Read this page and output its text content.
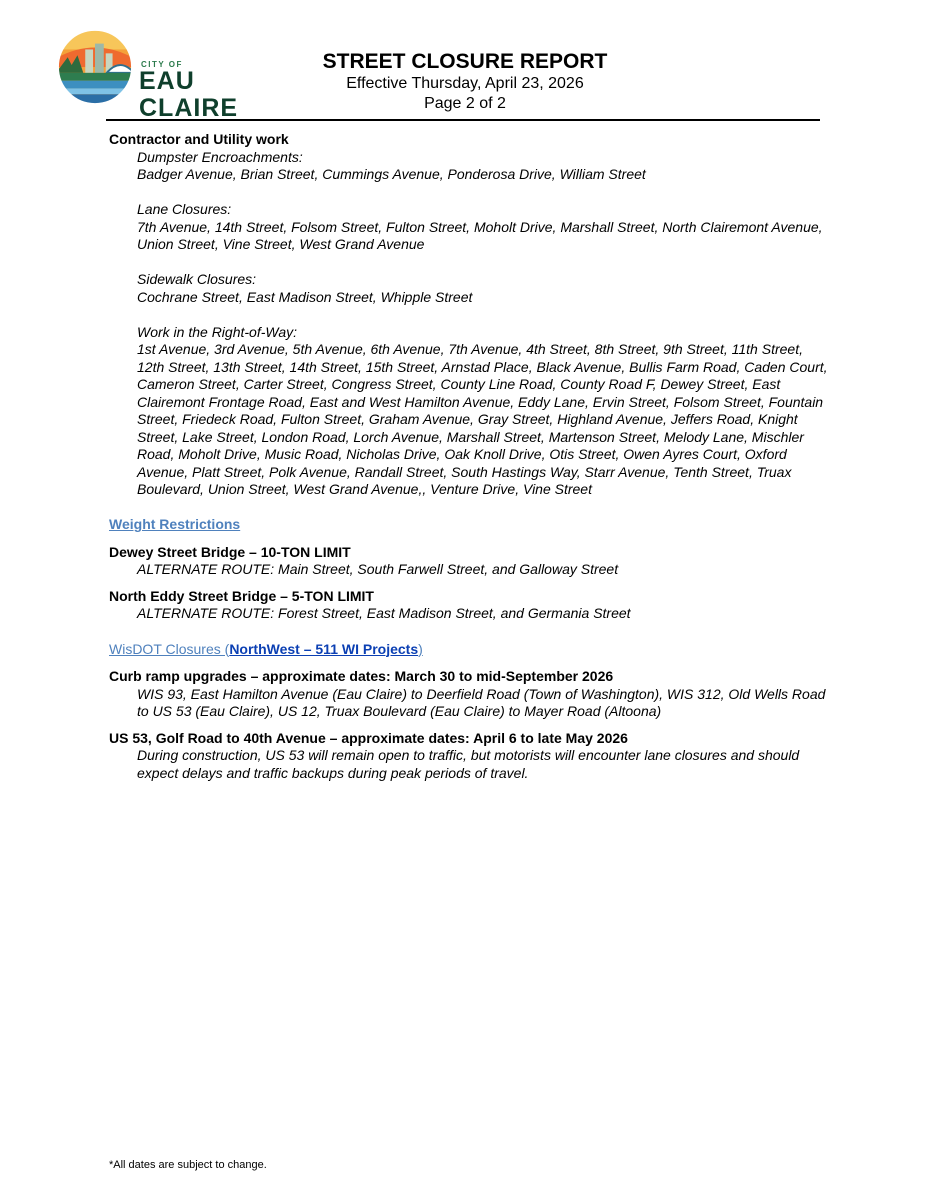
CITY OF
EAU
CLAIRE
STREET CLOSURE REPORT
Effective Thursday, April 23, 2026
Page 2 of 2
Contractor and Utility work
Dumpster Encroachments:
Badger Avenue, Brian Street, Cummings Avenue, Ponderosa Drive, William Street
Lane Closures:
7th Avenue, 14th Street, Folsom Street, Fulton Street, Moholt Drive, Marshall Street, North Clairemont Avenue, Union Street, Vine Street, West Grand Avenue
Sidewalk Closures:
Cochrane Street, East Madison Street, Whipple Street
Work in the Right-of-Way:
1st Avenue, 3rd Avenue, 5th Avenue, 6th Avenue, 7th Avenue, 4th Street, 8th Street, 9th Street, 11th Street, 12th Street, 13th Street, 14th Street, 15th Street, Arnstad Place, Black Avenue, Bullis Farm Road, Caden Court, Cameron Street, Carter Street, Congress Street, County Line Road, County Road F, Dewey Street, East Clairemont Frontage Road, East and West Hamilton Avenue, Eddy Lane, Ervin Street, Folsom Street, Fountain Street, Friedeck Road, Fulton Street, Graham Avenue, Gray Street, Highland Avenue, Jeffers Road, Knight Street, Lake Street, London Road, Lorch Avenue, Marshall Street, Martenson Street, Melody Lane, Mischler Road, Moholt Drive, Music Road, Nicholas Drive, Oak Knoll Drive, Otis Street, Owen Ayres Court, Oxford Avenue, Platt Street, Polk Avenue, Randall Street, South Hastings Way, Starr Avenue, Tenth Street, Truax Boulevard, Union Street, West Grand Avenue,, Venture Drive, Vine Street
Weight Restrictions
Dewey Street Bridge – 10-TON LIMIT
ALTERNATE ROUTE: Main Street, South Farwell Street, and Galloway Street
North Eddy Street Bridge – 5-TON LIMIT
ALTERNATE ROUTE: Forest Street, East Madison Street, and Germania Street
WisDOT Closures (NorthWest – 511 WI Projects)
Curb ramp upgrades – approximate dates: March 30 to mid-September 2026
WIS 93, East Hamilton Avenue (Eau Claire) to Deerfield Road (Town of Washington), WIS 312, Old Wells Road to US 53 (Eau Claire), US 12, Truax Boulevard (Eau Claire) to Mayer Road (Altoona)
US 53, Golf Road to 40th Avenue – approximate dates: April 6 to late May 2026
During construction, US 53 will remain open to traffic, but motorists will encounter lane closures and should expect delays and traffic backups during peak periods of travel.
*All dates are subject to change.
